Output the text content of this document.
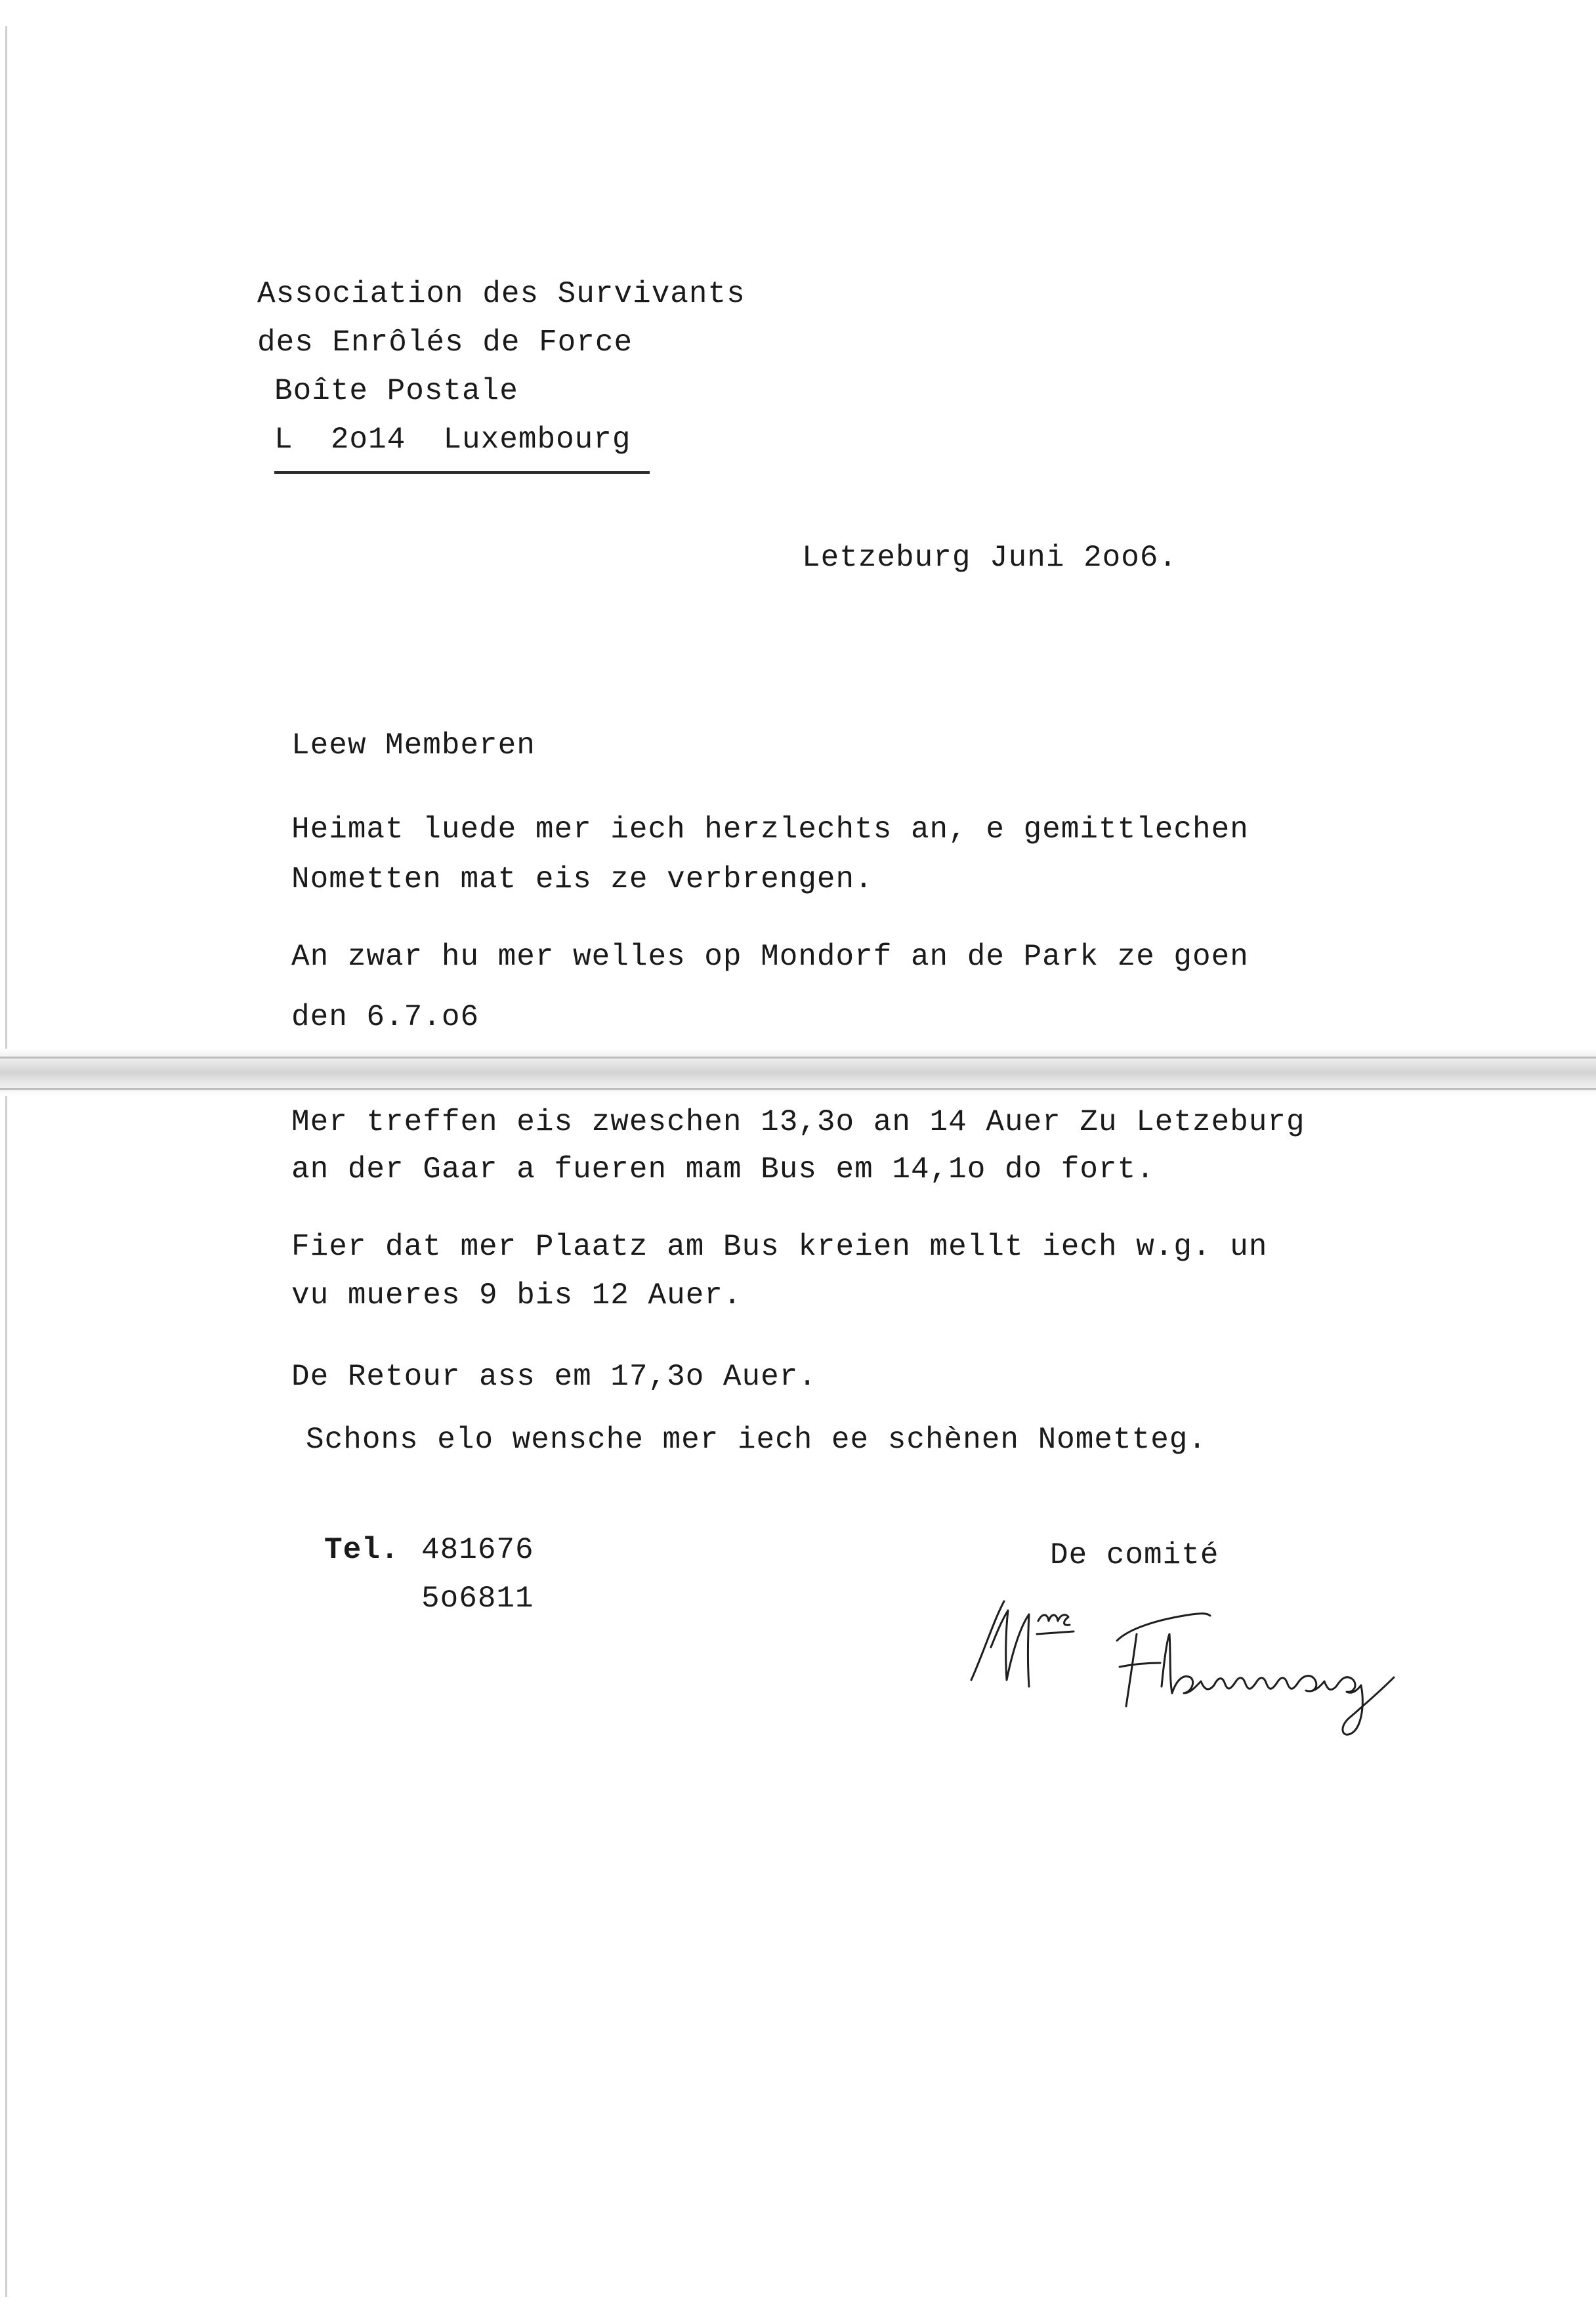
Association des Survivants
des Enrôlés de Force
Boîte Postale
L  2o14  Luxembourg
Letzeburg Juni 2oo6.
Leew Memberen
Heimat luede mer iech herzlechts an, e gemittlechen
Nometten mat eis ze verbrengen.
An zwar hu mer welles op Mondorf an de Park ze goen
den 6.7.o6
Mer treffen eis zweschen 13,3o an 14 Auer Zu Letzeburg
an der Gaar a fueren mam Bus em 14,1o do fort.
Fier dat mer Plaatz am Bus kreien mellt iech w.g. un
vu mueres 9 bis 12 Auer.
De Retour ass em 17,3o Auer.
Schons elo wensche mer iech ee schènen Nometteg.
Tel. 481676
5o6811
De comité
